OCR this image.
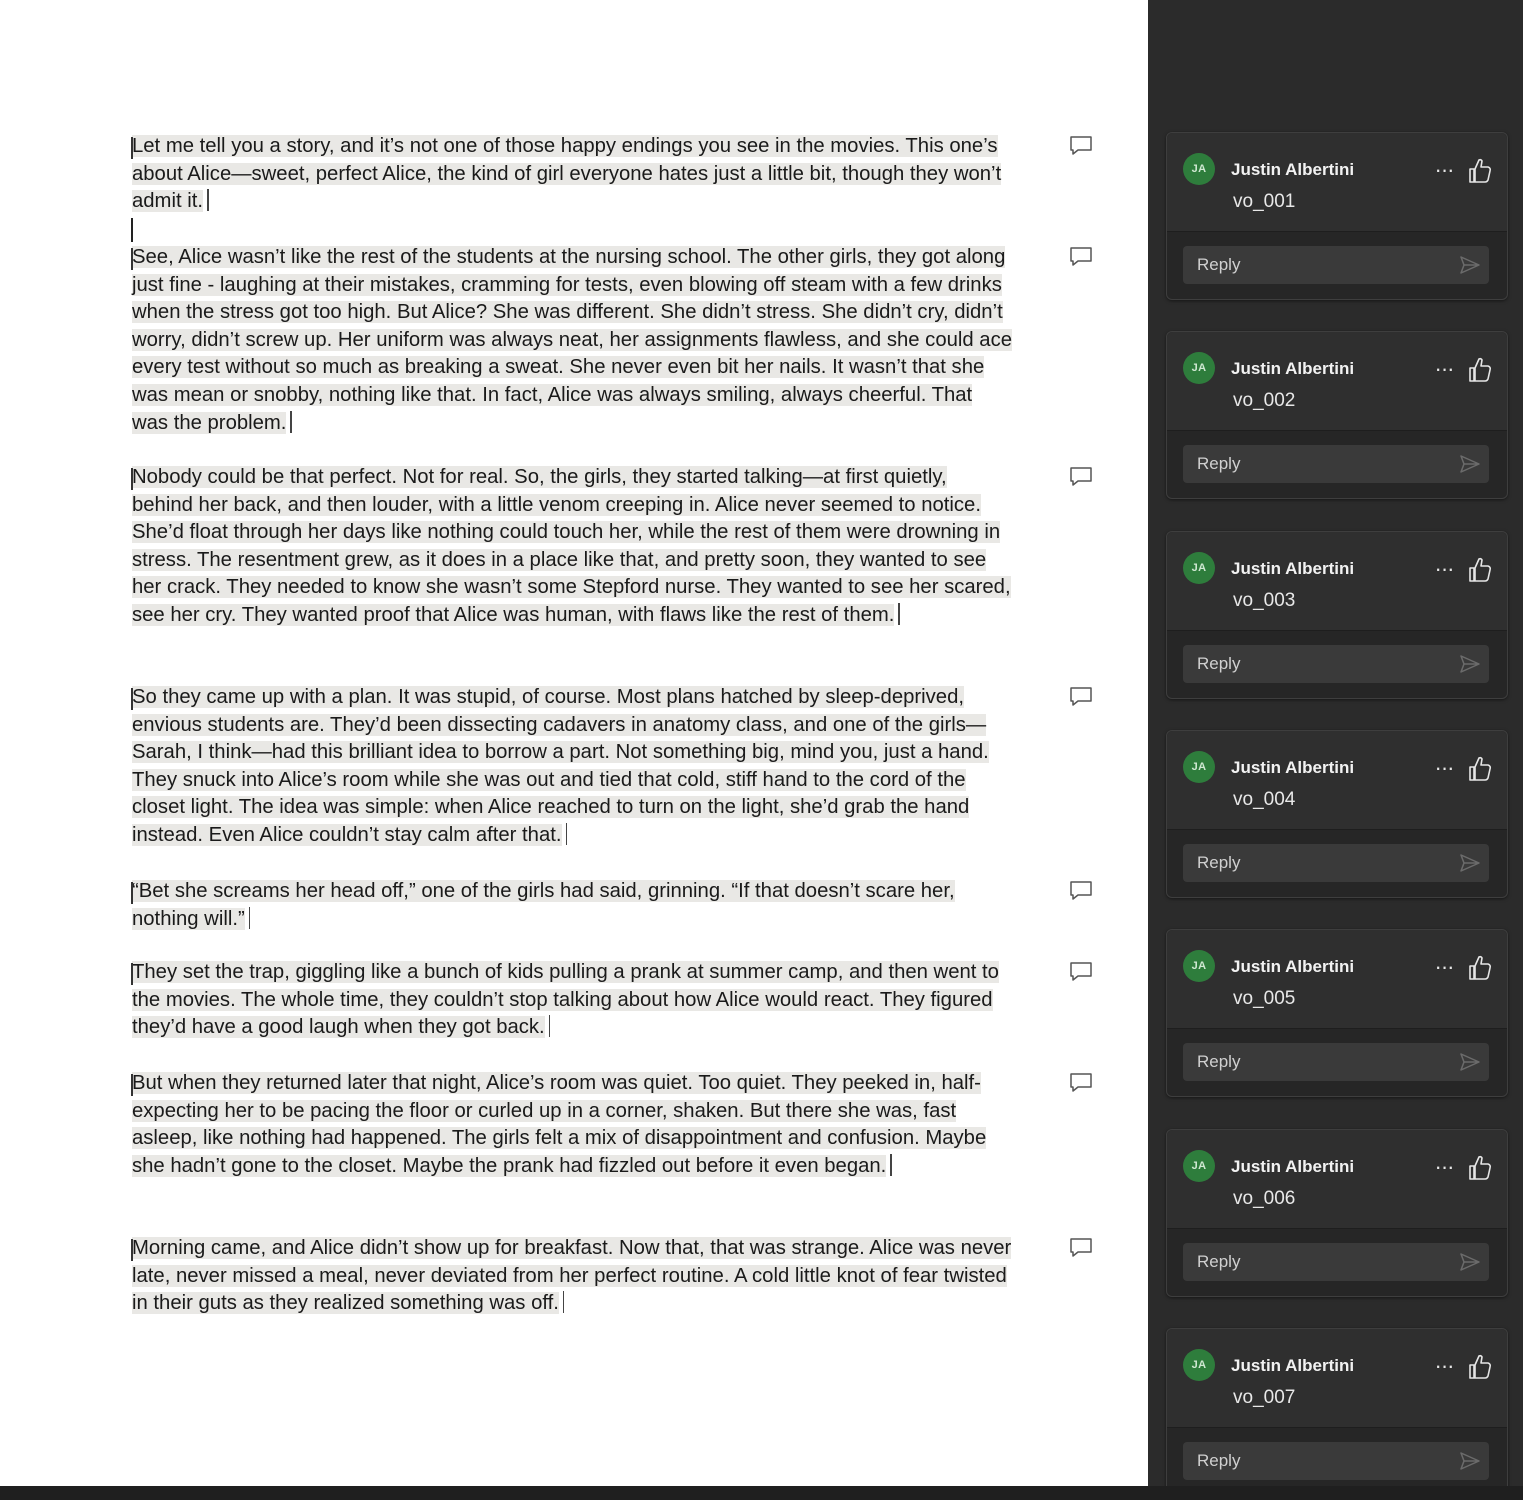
Let me tell you a story, and it’s not one of those happy endings you see in the movies. This one’s about Alice—sweet, perfect Alice, the kind of girl everyone hates just a little bit, though they won’t admit it.
See, Alice wasn’t like the rest of the students at the nursing school. The other girls, they got along just fine - laughing at their mistakes, cramming for tests, even blowing off steam with a few drinks when the stress got too high. But Alice? She was different. She didn’t stress. She didn’t cry, didn’t worry, didn’t screw up. Her uniform was always neat, her assignments flawless, and she could ace every test without so much as breaking a sweat. She never even bit her nails. It wasn’t that she was mean or snobby, nothing like that. In fact, Alice was always smiling, always cheerful. That was the problem.
Nobody could be that perfect. Not for real. So, the girls, they started talking—at first quietly, behind her back, and then louder, with a little venom creeping in. Alice never seemed to notice. She’d float through her days like nothing could touch her, while the rest of them were drowning in stress. The resentment grew, as it does in a place like that, and pretty soon, they wanted to see her crack. They needed to know she wasn’t some Stepford nurse. They wanted to see her scared, see her cry. They wanted proof that Alice was human, with flaws like the rest of them.
So they came up with a plan. It was stupid, of course. Most plans hatched by sleep-deprived, envious students are. They’d been dissecting cadavers in anatomy class, and one of the girls—Sarah, I think—had this brilliant idea to borrow a part. Not something big, mind you, just a hand. They snuck into Alice’s room while she was out and tied that cold, stiff hand to the cord of the closet light. The idea was simple: when Alice reached to turn on the light, she’d grab the hand instead. Even Alice couldn’t stay calm after that.
“Bet she screams her head off,” one of the girls had said, grinning. “If that doesn’t scare her, nothing will.”
They set the trap, giggling like a bunch of kids pulling a prank at summer camp, and then went to the movies. The whole time, they couldn’t stop talking about how Alice would react. They figured they’d have a good laugh when they got back.
But when they returned later that night, Alice’s room was quiet. Too quiet. They peeked in, half-expecting her to be pacing the floor or curled up in a corner, shaken. But there she was, fast asleep, like nothing had happened. The girls felt a mix of disappointment and confusion. Maybe she hadn’t gone to the closet. Maybe the prank had fizzled out before it even began.
Morning came, and Alice didn’t show up for breakfast. Now that, that was strange. Alice was never late, never missed a meal, never deviated from her perfect routine. A cold little knot of fear twisted in their guts as they realized something was off.
JA	Justin Albertini
vo_001
···
Reply
JA	Justin Albertini
vo_002
···
Reply
JA	Justin Albertini
vo_003
···
Reply
JA	Justin Albertini
vo_004
···
Reply
JA	Justin Albertini
vo_005
···
Reply
JA	Justin Albertini
vo_006
···
Reply
JA	Justin Albertini
vo_007
···
Reply
